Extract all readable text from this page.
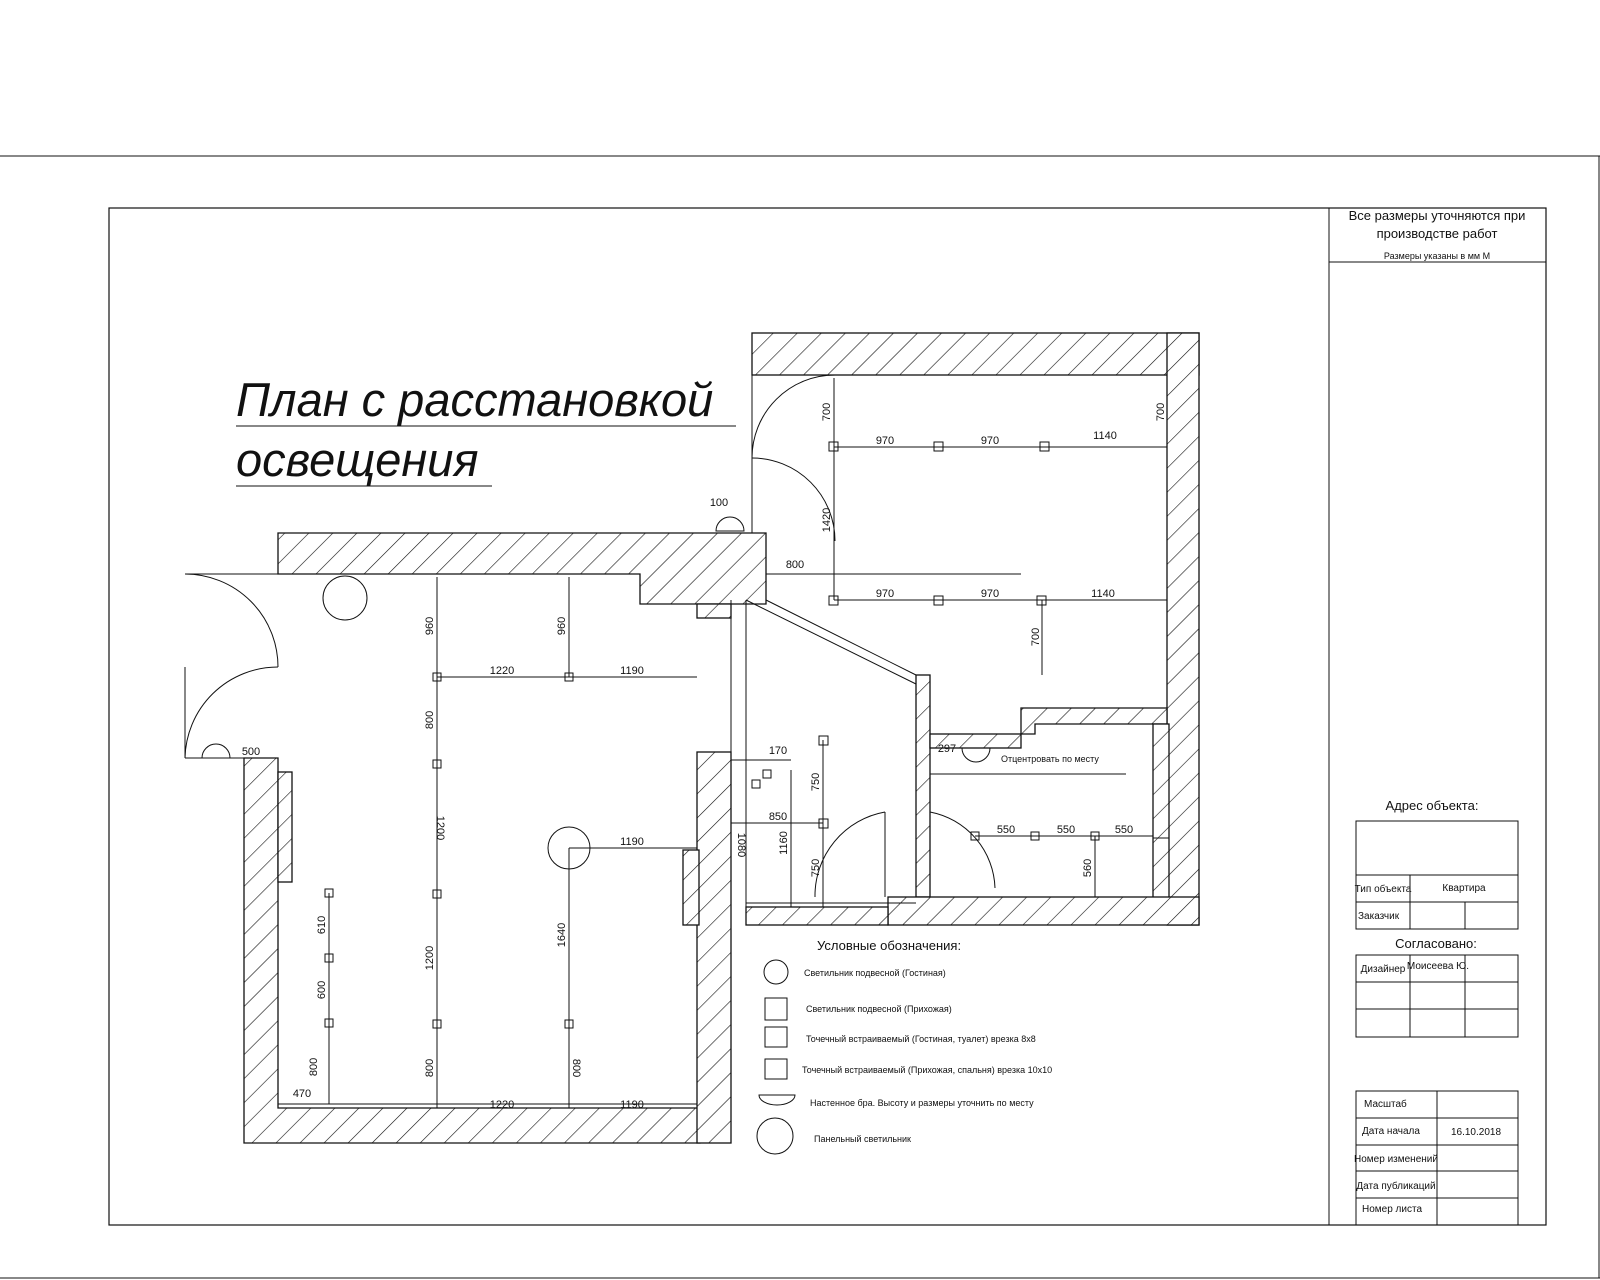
План с расстановкой
освещения
Все размеры уточняются при
производстве работ
Размеры указаны в мм М
700
970	970	1140
700
1420
100
800
970	970	1140
700
960	960
1220	1190
800
1200
1190
1640
1200
800	800
1220	1190
500
610
600
800
470
170
750
850
1160
1080
750
297
550	550	550
560
Отцентровать по месту
Условные обозначения:
Светильник подвесной (Гостиная)
Светильник подвесной (Прихожая)
Точечный встраиваемый (Гостиная, туалет) врезка 8х8
Точечный встраиваемый (Прихожая, спальня) врезка 10х10
Настенное бра. Высоту и размеры уточнить по месту
Панельный светильник
Адрес объекта:
Тип объекта	Квартира
Заказчик
Согласовано:
Дизайнер Моисеева Ю.
Масштаб
Дата начала	16.10.2018
Номер изменений
Дата публикаций
Номер листа
